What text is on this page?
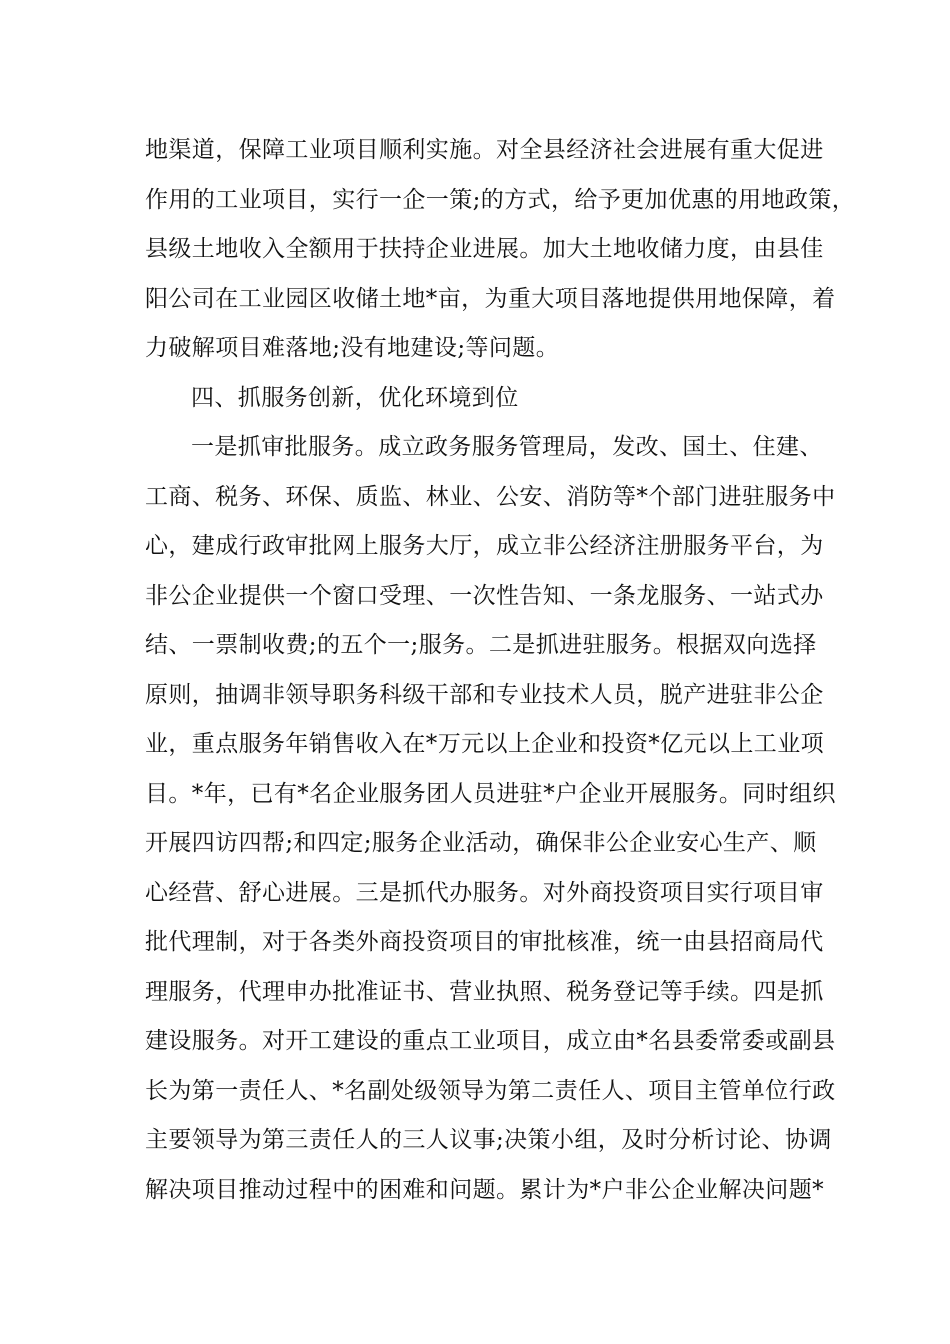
地渠道，保障工业项目顺利实施。对全县经济社会进展有重大促进
作用的工业项目，实行一企一策;的方式，给予更加优惠的用地政策，
县级土地收入全额用于扶持企业进展。加大土地收储力度，由县佳
阳公司在工业园区收储土地*亩，为重大项目落地提供用地保障，着
力破解项目难落地;没有地建设;等问题。
四、抓服务创新，优化环境到位
一是抓审批服务。成立政务服务管理局，发改、国土、住建、
工商、税务、环保、质监、林业、公安、消防等*个部门进驻服务中
心，建成行政审批网上服务大厅，成立非公经济注册服务平台，为
非公企业提供一个窗口受理、一次性告知、一条龙服务、一站式办
结、一票制收费;的五个一;服务。二是抓进驻服务。根据双向选择
原则，抽调非领导职务科级干部和专业技术人员，脱产进驻非公企
业，重点服务年销售收入在*万元以上企业和投资*亿元以上工业项
目。*年，已有*名企业服务团人员进驻*户企业开展服务。同时组织
开展四访四帮;和四定;服务企业活动，确保非公企业安心生产、顺
心经营、舒心进展。三是抓代办服务。对外商投资项目实行项目审
批代理制，对于各类外商投资项目的审批核准，统一由县招商局代
理服务，代理申办批准证书、营业执照、税务登记等手续。四是抓
建设服务。对开工建设的重点工业项目，成立由*名县委常委或副县
长为第一责任人、*名副处级领导为第二责任人、项目主管单位行政
主要领导为第三责任人的三人议事;决策小组，及时分析讨论、协调
解决项目推动过程中的困难和问题。累计为*户非公企业解决问题*
